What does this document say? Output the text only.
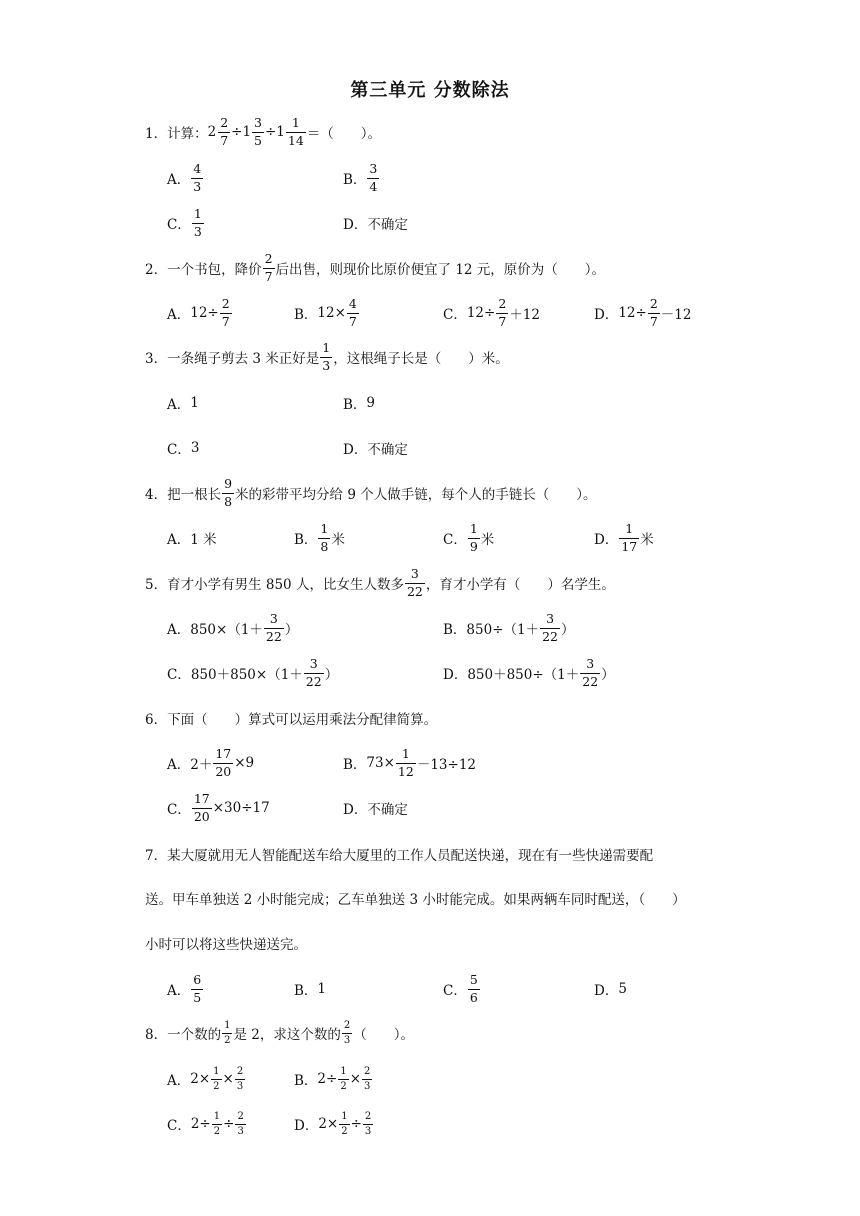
第三单元 分数除法
1．计算： $2 \frac{2}{7} \div 1 \frac{3}{5} \div 1 \frac{1}{14}$ ＝（　　）。
A． $\frac{4}{3}$	B． $\frac{3}{4}$
C． $\frac{1}{3}$	D． 不确定
2．一个书包，降价 $\frac{2}{7}$ 后出售，则现价比原价便宜了 12 元，原价为（　　）。
A． $12\div \frac{2}{7}$	B． $12\times \frac{4}{7}$	C． $12\div \frac{2}{7} +12$	D． $12\div \frac{2}{7} -12$
3．一条绳子剪去 3 米正好是 $\frac{1}{3}$ ，这根绳子长是（　　）米。
A． 1	B． 9
C． 3	D． 不确定
4．把一根长 $\frac{9}{8}$ 米的彩带平均分给 9 个人做手链，每个人的手链长（　　）。
A． 1 米	B． $\frac{1}{8}$ 米	C． $\frac{1}{9}$ 米	D． $\frac{1}{17}$ 米
5．育才小学有男生 850 人，比女生人数多 $\frac{3}{22}$ ，育才小学有（　　）名学生。
A． $850\times(1+ \frac{3}{22}$ ）	B． $850\div(1+ \frac{3}{22}$ ）
C． $850+850\times(1+ \frac{3}{22}$ ）	D． $850+850\div(1+ \frac{3}{22}$ ）
6．下面（　　）算式可以运用乘法分配律简算。
A． $2+ \frac{17}{20} \times 9$	B． $73\times \frac{1}{12} -13\div 12$
C． $\frac{17}{20} \times 30\div 17$	D． 不确定
7．某大厦就用无人智能配送车给大厦里的工作人员配送快递，现在有一些快递需要配
送。甲车单独送 2 小时能完成；乙车单独送 3 小时能完成。如果两辆车同时配送，（　　）
小时可以将这些快递送完。
A． $\frac{6}{5}$	B． 1	C． $\frac{5}{6}$	D． 5
8．一个数的 $\frac{1}{2}$ 是 2，求这个数的 $\frac{2}{3}$ （　　）。
A． $2\times \frac{1}{2} \times \frac{2}{3}$	B． $2\div \frac{1}{2} \times \frac{2}{3}$
C． $2\div \frac{1}{2} \div \frac{2}{3}$	D． $2\times \frac{1}{2} \div \frac{2}{3}$
